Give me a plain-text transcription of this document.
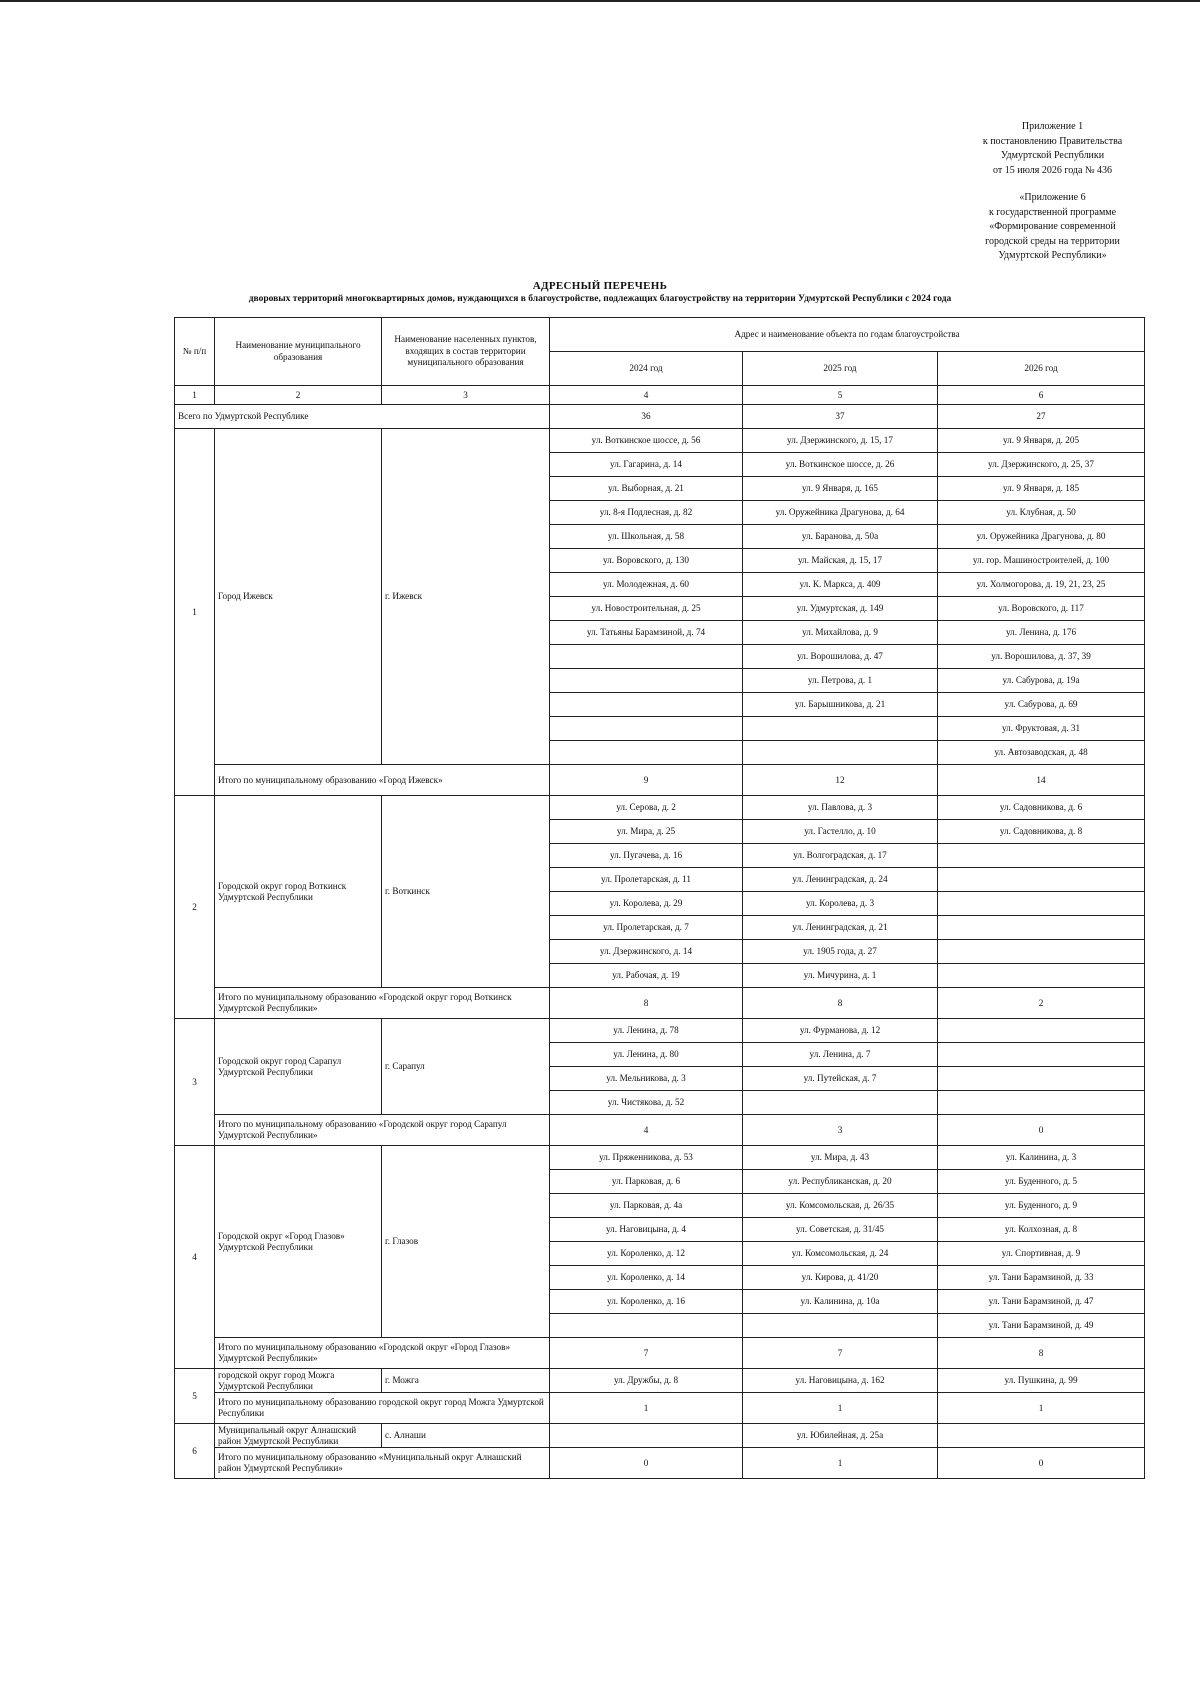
Приложение 1
к постановлению Правительства
Удмуртской Республики
от 15 июля 2026 года № 436
«Приложение 6
к государственной программе
«Формирование современной
городской среды на территории
Удмуртской Республики»
АДРЕСНЫЙ ПЕРЕЧЕНЬ
дворовых территорий многоквартирных домов, нуждающихся в благоустройстве, подлежащих благоустройству на территории Удмуртской Республики с 2024 года
№ п/п	Наименование муниципального образования	Наименование населенных пунктов, входящих в состав территории муниципального образования	Адрес и наименование объекта по годам благоустройства		
			2024 год	2025 год	2026 год
1	2	3	4	5	6
Всего по Удмуртской Республике			36	37	27
1	Город Ижевск	г. Ижевск	ул. Воткинское шоссе, д. 56	ул. Дзержинского, д. 15, 17	ул. 9 Января, д. 205
			ул. Гагарина, д. 14	ул. Воткинское шоссе, д. 26	ул. Дзержинского, д. 25, 37
			ул. Выборная, д. 21	ул. 9 Января, д. 165	ул. 9 Января, д. 185
			ул. 8-я Подлесная, д. 82	ул. Оружейника Драгунова, д. 64	ул. Клубная, д. 50
			ул. Школьная, д. 58	ул. Баранова, д. 50а	ул. Оружейника Драгунова, д. 80
			ул. Воровского, д. 130	ул. Майская, д. 15, 17	ул. гор. Машиностроителей, д. 100
			ул. Молодежная, д. 60	ул. К. Маркса, д. 409	ул. Холмогорова, д. 19, 21, 23, 25
			ул. Новостроительная, д. 25	ул. Удмуртская, д. 149	ул. Воровского, д. 117
			ул. Татьяны Барамзиной, д. 74	ул. Михайлова, д. 9	ул. Ленина, д. 176
				ул. Ворошилова, д. 47	ул. Ворошилова, д. 37, 39
				ул. Петрова, д. 1	ул. Сабурова, д. 19а
				ул. Барышникова, д. 21	ул. Сабурова, д. 69
					ул. Фруктовая, д. 31
					ул. Автозаводская, д. 48
	Итого по муниципальному образованию «Город Ижевск»		9	12	14
2	Городской округ город Воткинск Удмуртской Республики	г. Воткинск	ул. Серова, д. 2	ул. Павлова, д. 3	ул. Садовникова, д. 6
			ул. Мира, д. 25	ул. Гастелло, д. 10	ул. Садовникова, д. 8
			ул. Пугачева, д. 16	ул. Волгоградская, д. 17	
			ул. Пролетарская, д. 11	ул. Ленинградская, д. 24	
			ул. Королева, д. 29	ул. Королева, д. 3	
			ул. Пролетарская, д. 7	ул. Ленинградская, д. 21	
			ул. Дзержинского, д. 14	ул. 1905 года, д. 27	
			ул. Рабочая, д. 19	ул. Мичурина, д. 1	
	Итого по муниципальному образованию «Городской округ город Воткинск Удмуртской Республики»		8	8	2
3	Городской округ город Сарапул Удмуртской Республики	г. Сарапул	ул. Ленина, д. 78	ул. Фурманова, д. 12	
			ул. Ленина, д. 80	ул. Ленина, д. 7	
			ул. Мельникова, д. 3	ул. Путейская, д. 7	
			ул. Чистякова, д. 52		
	Итого по муниципальному образованию «Городской округ город Сарапул Удмуртской Республики»		4	3	0
4	Городской округ «Город Глазов» Удмуртской Республики	г. Глазов	ул. Пряженникова, д. 53	ул. Мира, д. 43	ул. Калинина, д. 3
			ул. Парковая, д. 6	ул. Республиканская, д. 20	ул. Буденного, д. 5
			ул. Парковая, д. 4а	ул. Комсомольская, д. 26/35	ул. Буденного, д. 9
			ул. Наговицына, д. 4	ул. Советская, д. 31/45	ул. Колхозная, д. 8
			ул. Короленко, д. 12	ул. Комсомольская, д. 24	ул. Спортивная, д. 9
			ул. Короленко, д. 14	ул. Кирова, д. 41/20	ул. Тани Барамзиной, д. 33
			ул. Короленко, д. 16	ул. Калинина, д. 10а	ул. Тани Барамзиной, д. 47
					ул. Тани Барамзиной, д. 49
	Итого по муниципальному образованию «Городской округ «Город Глазов» Удмуртской Республики»		7	7	8
5	городской округ город Можга Удмуртской Республики	г. Можга	ул. Дружбы, д. 8	ул. Наговицына, д. 162	ул. Пушкина, д. 99
	Итого по муниципальному образованию городской округ город Можга Удмуртской Республики		1	1	1
6	Муниципальный округ Алнашский район Удмуртской Республики	с. Алнаши		ул. Юбилейная, д. 25а	
	Итого по муниципальному образованию «Муниципальный округ Алнашский район Удмуртской Республики»		0	1	0
